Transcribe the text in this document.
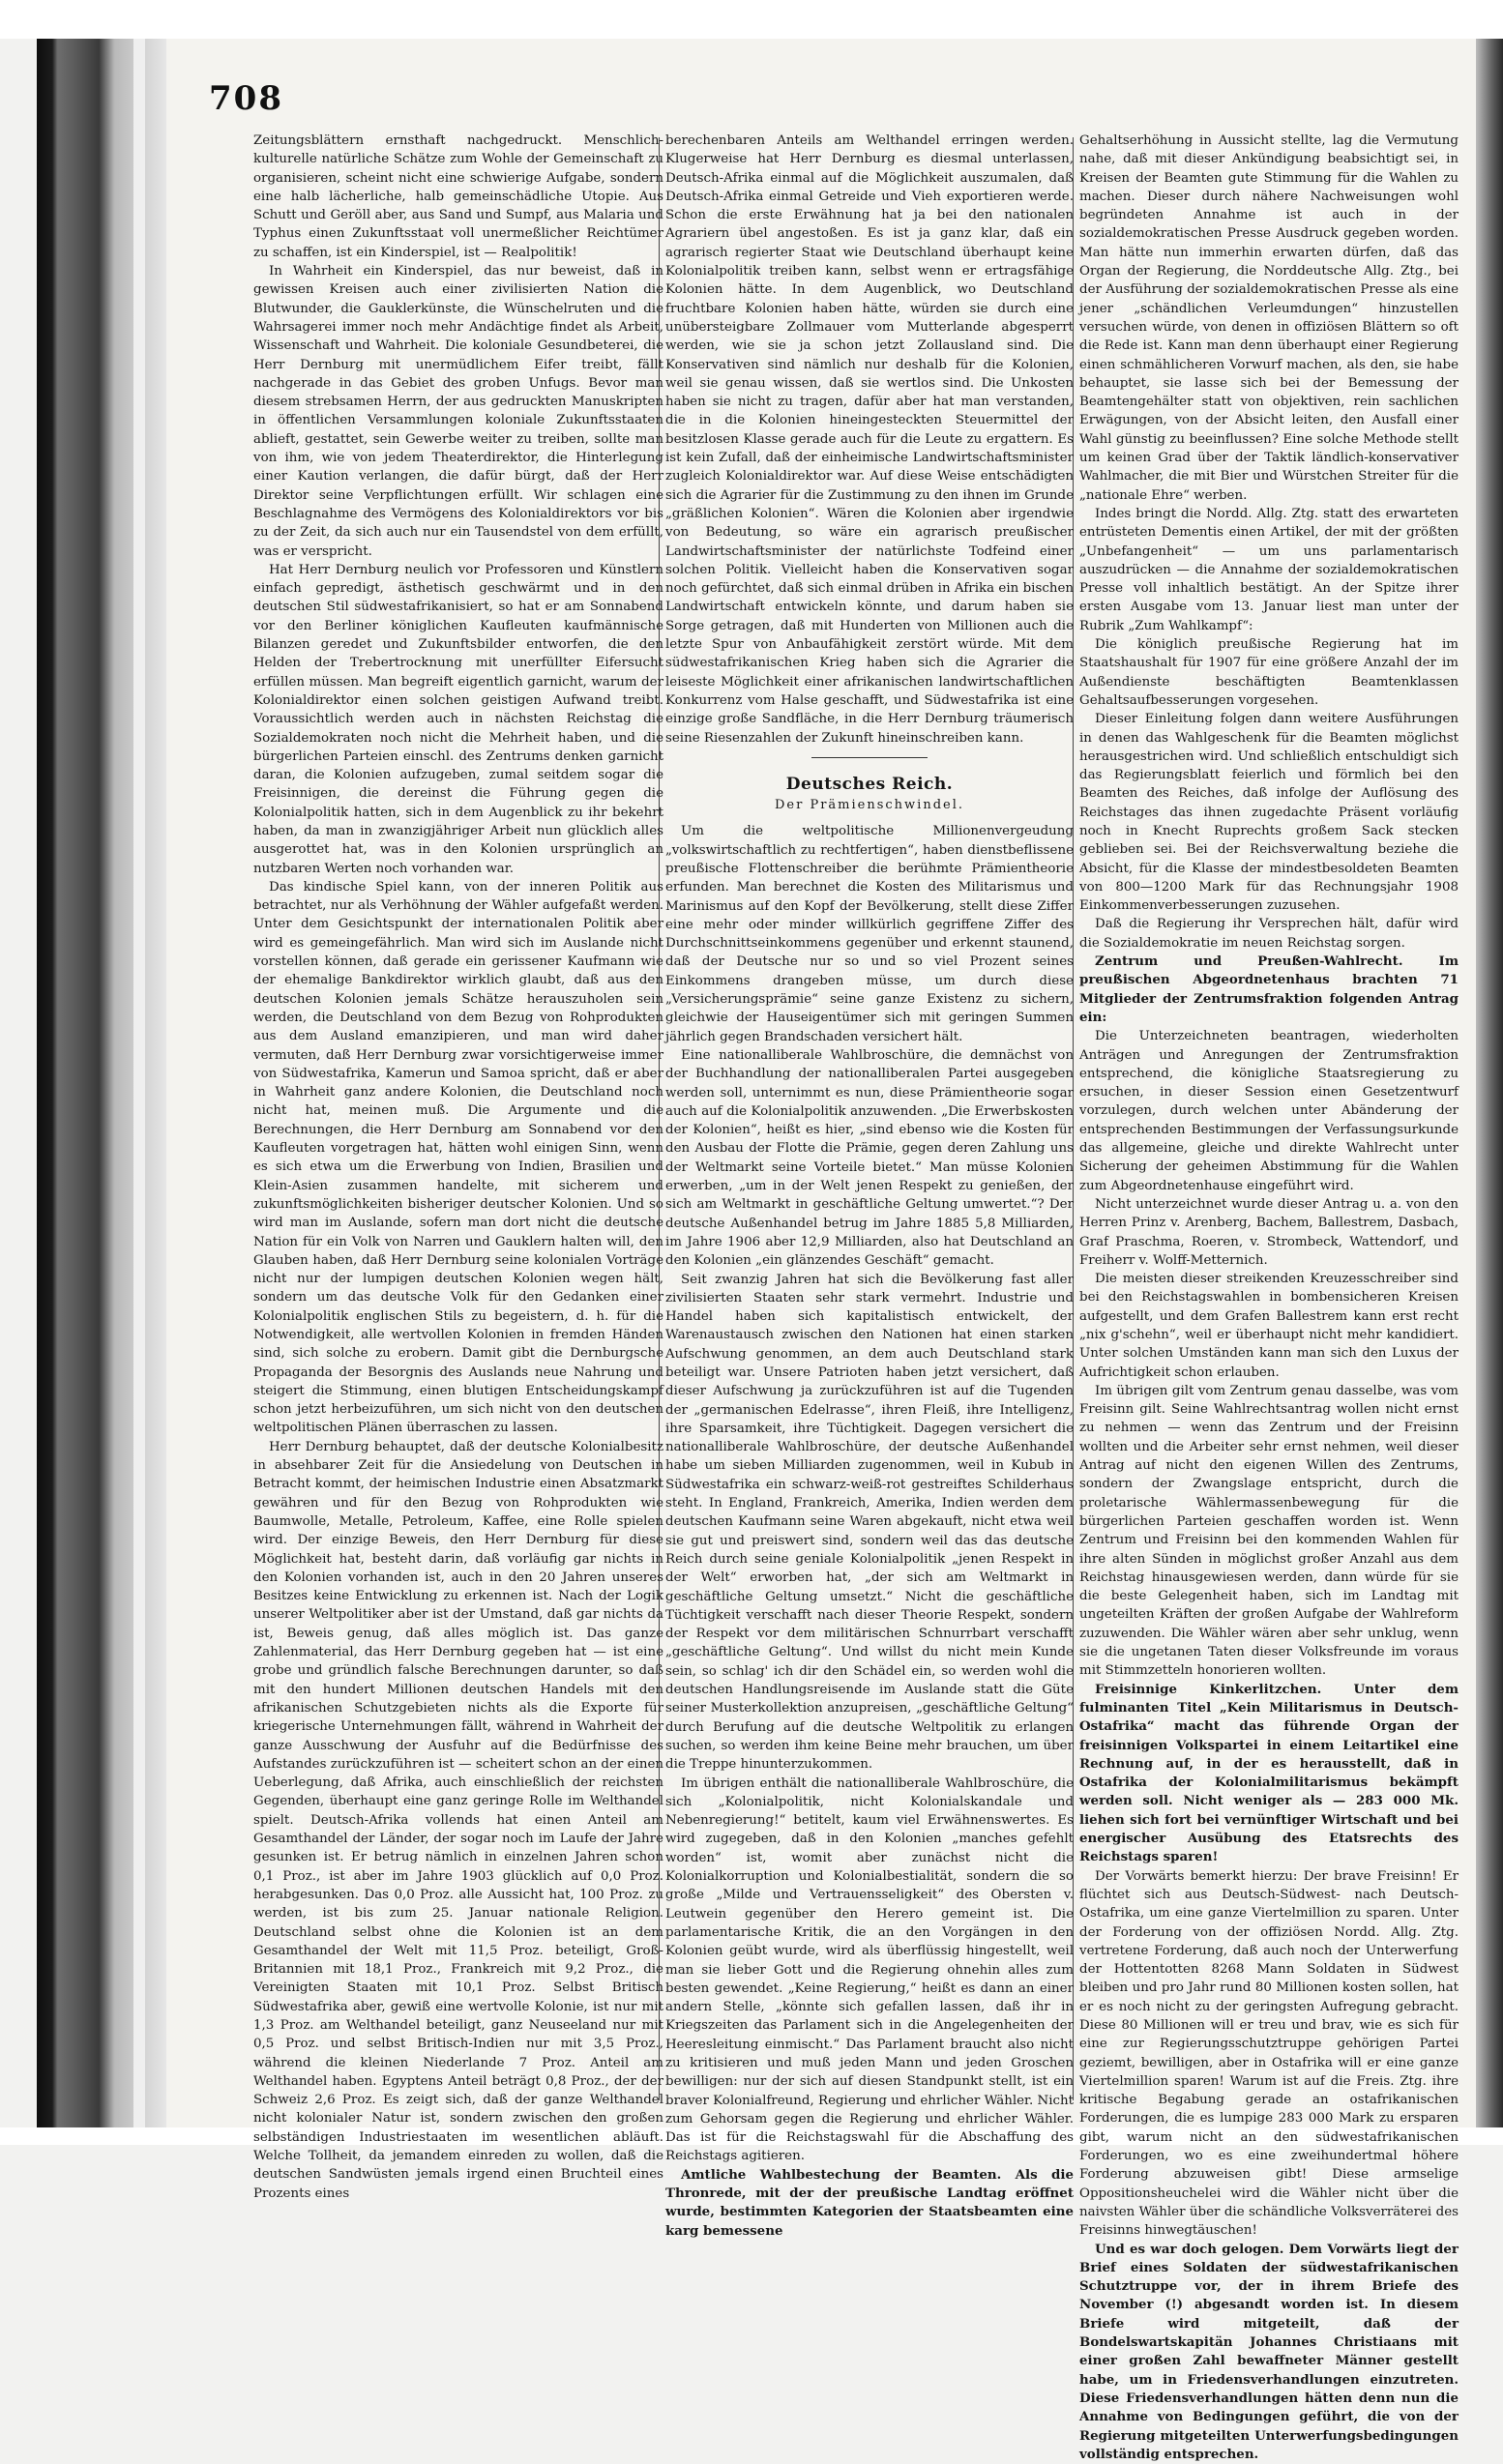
708

Zeitungsblättern ernsthaft nachgedruckt. Menschlich-kulturelle natürliche Schätze zum Wohle der Gemeinschaft zu organisieren, scheint nicht eine schwierige Aufgabe, sondern eine halb lächerliche, halb gemeinschädliche Utopie. Aus Schutt und Geröll aber, aus Sand und Sumpf, aus Malaria und Typhus einen Zukunftsstaat voll unermeßlicher Reichtümer zu schaffen, ist ein Kinderspiel, ist — Realpolitik!

In Wahrheit ein Kinderspiel, das nur beweist, daß in gewissen Kreisen auch einer zivilisierten Nation die Blutwunder, die Gauklerkünste, die Wünschelruten und die Wahrsagerei immer noch mehr Andächtige findet als Arbeit, Wissenschaft und Wahrheit. Die koloniale Gesundbeterei, die Herr Dernburg mit unermüdlichem Eifer treibt, fällt nachgerade in das Gebiet des groben Unfugs. Bevor man diesem strebsamen Herrn, der aus gedruckten Manuskripten in öffentlichen Versammlungen koloniale Zukunftsstaaten ablieft, gestattet, sein Gewerbe weiter zu treiben, sollte man von ihm, wie von jedem Theaterdirektor, die Hinterlegung einer Kaution verlangen, die dafür bürgt, daß der Herr Direktor seine Verpflichtungen erfüllt. Wir schlagen eine Beschlagnahme des Vermögens des Kolonialdirektors vor bis zu der Zeit, da sich auch nur ein Tausendstel von dem erfüllt, was er verspricht.

Hat Herr Dernburg neulich vor Professoren und Künstlern einfach gepredigt, ästhetisch geschwärmt und in den deutschen Stil südwestafrikanisiert, so hat er am Sonnabend vor den Berliner königlichen Kaufleuten kaufmännische Bilanzen geredet und Zukunftsbilder entworfen, die den Helden der Trebertrocknung mit unerfüllter Eifersucht erfüllen müssen. Man begreift eigentlich garnicht, warum der Kolonialdirektor einen solchen geistigen Aufwand treibt. Voraussichtlich werden auch in nächsten Reichstag die Sozialdemokraten noch nicht die Mehrheit haben, und die bürgerlichen Parteien einschl. des Zentrums denken garnicht daran, die Kolonien aufzugeben, zumal seitdem sogar die Freisinnigen, die dereinst die Führung gegen die Kolonialpolitik hatten, sich in dem Augenblick zu ihr bekehrt haben, da man in zwanzigjähriger Arbeit nun glücklich alles ausgerottet hat, was in den Kolonien ursprünglich an nutzbaren Werten noch vorhanden war.

Das kindische Spiel kann, von der inneren Politik aus betrachtet, nur als Verhöhnung der Wähler aufgefaßt werden. Unter dem Gesichtspunkt der internationalen Politik aber wird es gemeingefährlich. Man wird sich im Auslande nicht vorstellen können, daß gerade ein gerissener Kaufmann wie der ehemalige Bankdirektor wirklich glaubt, daß aus den deutschen Kolonien jemals Schätze herauszuholen sein werden, die Deutschland von dem Bezug von Rohprodukten aus dem Ausland emanzipieren, und man wird daher vermuten, daß Herr Dernburg zwar vorsichtigerweise immer von Südwestafrika, Kamerun und Samoa spricht, daß er aber in Wahrheit ganz andere Kolonien, die Deutschland noch nicht hat, meinen muß. Die Argumente und die Berechnungen, die Herr Dernburg am Sonnabend vor den Kaufleuten vorgetragen hat, hätten wohl einigen Sinn, wenn es sich etwa um die Erwerbung von Indien, Brasilien und Klein-Asien zusammen handelte, mit sicherem und zukunftsmöglichkeiten bisheriger deutscher Kolonien. Und so wird man im Auslande, sofern man dort nicht die deutsche Nation für ein Volk von Narren und Gauklern halten will, den Glauben haben, daß Herr Dernburg seine kolonialen Vorträge nicht nur der lumpigen deutschen Kolonien wegen hält, sondern um das deutsche Volk für den Gedanken einer Kolonialpolitik englischen Stils zu begeistern, d. h. für die Notwendigkeit, alle wertvollen Kolonien in fremden Händen sind, sich solche zu erobern. Damit gibt die Dernburgsche Propaganda der Besorgnis des Auslands neue Nahrung und steigert die Stimmung, einen blutigen Entscheidungskampf schon jetzt herbeizuführen, um sich nicht von den deutschen weltpolitischen Plänen überraschen zu lassen.

Herr Dernburg behauptet, daß der deutsche Kolonialbesitz in absehbarer Zeit für die Ansiedelung von Deutschen in Betracht kommt, der heimischen Industrie einen Absatzmarkt gewähren und für den Bezug von Rohprodukten wie Baumwolle, Metalle, Petroleum, Kaffee, eine Rolle spielen wird. Der einzige Beweis, den Herr Dernburg für diese Möglichkeit hat, besteht darin, daß vorläufig gar nichts in den Kolonien vorhanden ist, auch in den 20 Jahren unseres Besitzes keine Entwicklung zu erkennen ist. Nach der Logik unserer Weltpolitiker aber ist der Umstand, daß gar nichts da ist, Beweis genug, daß alles möglich ist. Das ganze Zahlenmaterial, das Herr Dernburg gegeben hat — ist eine grobe und gründlich falsche Berechnungen darunter, so daß mit den hundert Millionen deutschen Handels mit den afrikanischen Schutzgebieten nichts als die Exporte für kriegerische Unternehmungen fällt, während in Wahrheit der ganze Ausschwung der Ausfuhr auf die Bedürfnisse des Aufstandes zurückzuführen ist — scheitert schon an der einen Ueberlegung, daß Afrika, auch einschließlich der reichsten Gegenden, überhaupt eine ganz geringe Rolle im Welthandel spielt. Deutsch-Afrika vollends hat einen Anteil am Gesamthandel der Länder, der sogar noch im Laufe der Jahre gesunken ist. Er betrug nämlich in einzelnen Jahren schon 0,1 Proz., ist aber im Jahre 1903 glücklich auf 0,0 Proz. herabgesunken. Das 0,0 Proz. alle Aussicht hat, 100 Proz. zu werden, ist bis zum 25. Januar nationale Religion. Deutschland selbst ohne die Kolonien ist an dem Gesamthandel der Welt mit 11,5 Proz. beteiligt, Groß-Britannien mit 18,1 Proz., Frankreich mit 9,2 Proz., die Vereinigten Staaten mit 10,1 Proz. Selbst Britisch Südwestafrika aber, gewiß eine wertvolle Kolonie, ist nur mit 1,3 Proz. am Welthandel beteiligt, ganz Neuseeland nur mit 0,5 Proz. und selbst Britisch-Indien nur mit 3,5 Proz., während die kleinen Niederlande 7 Proz. Anteil am Welthandel haben. Egyptens Anteil beträgt 0,8 Proz., der der Schweiz 2,6 Proz. Es zeigt sich, daß der ganze Welthandel nicht kolonialer Natur ist, sondern zwischen den großen selbständigen Industriestaaten im wesentlichen abläuft. Welche Tollheit, da jemandem einreden zu wollen, daß die deutschen Sandwüsten jemals irgend einen Bruchteil eines Prozents eines

berechenbaren Anteils am Welthandel erringen werden. Klugerweise hat Herr Dernburg es diesmal unterlassen, Deutsch-Afrika einmal auf die Möglichkeit auszumalen, daß Deutsch-Afrika einmal Getreide und Vieh exportieren werde. Schon die erste Erwähnung hat ja bei den nationalen Agrariern übel angestoßen. Es ist ja ganz klar, daß ein agrarisch regierter Staat wie Deutschland überhaupt keine Kolonialpolitik treiben kann, selbst wenn er ertragsfähige Kolonien hätte. In dem Augenblick, wo Deutschland fruchtbare Kolonien haben hätte, würden sie durch eine unübersteigbare Zollmauer vom Mutterlande abgesperrt werden, wie sie ja schon jetzt Zollausland sind. Die Konservativen sind nämlich nur deshalb für die Kolonien, weil sie genau wissen, daß sie wertlos sind. Die Unkosten haben sie nicht zu tragen, dafür aber hat man verstanden, die in die Kolonien hineingesteckten Steuermittel der besitzlosen Klasse gerade auch für die Leute zu ergattern. Es ist kein Zufall, daß der einheimische Landwirtschaftsminister zugleich Kolonialdirektor war. Auf diese Weise entschädigten sich die Agrarier für die Zustimmung zu den ihnen im Grunde „gräßlichen Kolonien“. Wären die Kolonien aber irgendwie von Bedeutung, so wäre ein agrarisch preußischer Landwirtschaftsminister der natürlichste Todfeind einer solchen Politik. Vielleicht haben die Konservativen sogar noch gefürchtet, daß sich einmal drüben in Afrika ein bischen Landwirtschaft entwickeln könnte, und darum haben sie Sorge getragen, daß mit Hunderten von Millionen auch die letzte Spur von Anbaufähigkeit zerstört würde. Mit dem südwestafrikanischen Krieg haben sich die Agrarier die leiseste Möglichkeit einer afrikanischen landwirtschaftlichen Konkurrenz vom Halse geschafft, und Südwestafrika ist eine einzige große Sandfläche, in die Herr Dernburg träumerisch seine Riesenzahlen der Zukunft hineinschreiben kann.

Deutsches Reich.
Der Prämienschwindel.

Um die weltpolitische Millionenvergeudung „volkswirtschaftlich zu rechtfertigen“, haben dienstbeflissene preußische Flottenschreiber die berühmte Prämientheorie erfunden. Man berechnet die Kosten des Militarismus und Marinismus auf den Kopf der Bevölkerung, stellt diese Ziffer eine mehr oder minder willkürlich gegriffene Ziffer des Durchschnittseinkommens gegenüber und erkennt staunend, daß der Deutsche nur so und so viel Prozent seines Einkommens drangeben müsse, um durch diese „Versicherungsprämie“ seine ganze Existenz zu sichern, gleichwie der Hauseigentümer sich mit geringen Summen jährlich gegen Brandschaden versichert hält.

Eine nationalliberale Wahlbroschüre, die demnächst von der Buchhandlung der nationalliberalen Partei ausgegeben werden soll, unternimmt es nun, diese Prämientheorie sogar auch auf die Kolonialpolitik anzuwenden. „Die Erwerbskosten der Kolonien“, heißt es hier, „sind ebenso wie die Kosten für den Ausbau der Flotte die Prämie, gegen deren Zahlung uns der Weltmarkt seine Vorteile bietet.“ Man müsse Kolonien erwerben, „um in der Welt jenen Respekt zu genießen, der sich am Weltmarkt in geschäftliche Geltung umwertet.“? Der deutsche Außenhandel betrug im Jahre 1885 5,8 Milliarden, im Jahre 1906 aber 12,9 Milliarden, also hat Deutschland an den Kolonien „ein glänzendes Geschäft“ gemacht.

Seit zwanzig Jahren hat sich die Bevölkerung fast aller zivilisierten Staaten sehr stark vermehrt. Industrie und Handel haben sich kapitalistisch entwickelt, der Warenaustausch zwischen den Nationen hat einen starken Aufschwung genommen, an dem auch Deutschland stark beteiligt war. Unsere Patrioten haben jetzt versichert, daß dieser Aufschwung ja zurückzuführen ist auf die Tugenden der „germanischen Edelrasse“, ihren Fleiß, ihre Intelligenz, ihre Sparsamkeit, ihre Tüchtigkeit. Dagegen versichert die nationalliberale Wahlbroschüre, der deutsche Außenhandel habe um sieben Milliarden zugenommen, weil in Kubub in Südwestafrika ein schwarz-weiß-rot gestreiftes Schilderhaus steht. In England, Frankreich, Amerika, Indien werden dem deutschen Kaufmann seine Waren abgekauft, nicht etwa weil sie gut und preiswert sind, sondern weil das das deutsche Reich durch seine geniale Kolonialpolitik „jenen Respekt in der Welt“ erworben hat, „der sich am Weltmarkt in geschäftliche Geltung umsetzt.“ Nicht die geschäftliche Tüchtigkeit verschafft nach dieser Theorie Respekt, sondern der Respekt vor dem militärischen Schnurrbart verschafft „geschäftliche Geltung“. Und willst du nicht mein Kunde sein, so schlag' ich dir den Schädel ein, so werden wohl die deutschen Handlungsreisende im Auslande statt die Güte seiner Musterkollektion anzupreisen, „geschäftliche Geltung“ durch Berufung auf die deutsche Weltpolitik zu erlangen suchen, so werden ihm keine Beine mehr brauchen, um über die Treppe hinunterzukommen.

Im übrigen enthält die nationalliberale Wahlbroschüre, die sich „Kolonialpolitik, nicht Kolonialskandale und Nebenregierung!“ betitelt, kaum viel Erwähnenswertes. Es wird zugegeben, daß in den Kolonien „manches gefehlt worden“ ist, womit aber zunächst nicht die Kolonialkorruption und Kolonialbestialität, sondern die so große „Milde und Vertrauensseligkeit“ des Obersten v. Leutwein gegenüber den Herero gemeint ist. Die parlamentarische Kritik, die an den Vorgängen in den Kolonien geübt wurde, wird als überflüssig hingestellt, weil man sie lieber Gott und die Regierung ohnehin alles zum besten gewendet. „Keine Regierung,“ heißt es dann an einer andern Stelle, „könnte sich gefallen lassen, daß ihr in Kriegszeiten das Parlament sich in die Angelegenheiten der Heeresleitung einmischt.“ Das Parlament braucht also nicht zu kritisieren und muß jeden Mann und jeden Groschen bewilligen: nur der sich auf diesen Standpunkt stellt, ist ein braver Kolonialfreund, Regierung und ehrlicher Wähler. Nicht zum Gehorsam gegen die Regierung und ehrlicher Wähler. Das ist für die Reichstagswahl für die Abschaffung des Reichstags agitieren.

Amtliche Wahlbestechung der Beamten. Als die Thronrede, mit der der preußische Landtag eröffnet wurde, bestimmten Kategorien der Staatsbeamten eine karg bemessene

Gehaltserhöhung in Aussicht stellte, lag die Vermutung nahe, daß mit dieser Ankündigung beabsichtigt sei, in Kreisen der Beamten gute Stimmung für die Wahlen zu machen. Dieser durch nähere Nachweisungen wohl begründeten Annahme ist auch in der sozialdemokratischen Presse Ausdruck gegeben worden. Man hätte nun immerhin erwarten dürfen, daß das Organ der Regierung, die Norddeutsche Allg. Ztg., bei der Ausführung der sozialdemokratischen Presse als eine jener „schändlichen Verleumdungen“ hinzustellen versuchen würde, von denen in offiziösen Blättern so oft die Rede ist. Kann man denn überhaupt einer Regierung einen schmählicheren Vorwurf machen, als den, sie habe behauptet, sie lasse sich bei der Bemessung der Beamtengehälter statt von objektiven, rein sachlichen Erwägungen, von der Absicht leiten, den Ausfall einer Wahl günstig zu beeinflussen? Eine solche Methode stellt um keinen Grad über der Taktik ländlich-konservativer Wahlmacher, die mit Bier und Würstchen Streiter für die „nationale Ehre“ werben.

Indes bringt die Nordd. Allg. Ztg. statt des erwarteten entrüsteten Dementis einen Artikel, der mit der größten „Unbefangenheit“ — um uns parlamentarisch auszudrücken — die Annahme der sozialdemokratischen Presse voll inhaltlich bestätigt. An der Spitze ihrer ersten Ausgabe vom 13. Januar liest man unter der Rubrik „Zum Wahlkampf“:

Die königlich preußische Regierung hat im Staatshaushalt für 1907 für eine größere Anzahl der im Außendienste beschäftigten Beamtenklassen Gehaltsaufbesserungen vorgesehen.

Dieser Einleitung folgen dann weitere Ausführungen in denen das Wahlgeschenk für die Beamten möglichst herausgestrichen wird. Und schließlich entschuldigt sich das Regierungsblatt feierlich und förmlich bei den Beamten des Reiches, daß infolge der Auflösung des Reichstages das ihnen zugedachte Präsent vorläufig noch in Knecht Ruprechts großem Sack stecken geblieben sei. Bei der Reichsverwaltung beziehe die Absicht, für die Klasse der mindestbesoldeten Beamten von 800—1200 Mark für das Rechnungsjahr 1908 Einkommenverbesserungen zuzusehen.

Daß die Regierung ihr Versprechen hält, dafür wird die Sozialdemokratie im neuen Reichstag sorgen.

Zentrum und Preußen-Wahlrecht. Im preußischen Abgeordnetenhaus brachten 71 Mitglieder der Zentrumsfraktion folgenden Antrag ein:

Die Unterzeichneten beantragen, wiederholten Anträgen und Anregungen der Zentrumsfraktion entsprechend, die königliche Staatsregierung zu ersuchen, in dieser Session einen Gesetzentwurf vorzulegen, durch welchen unter Abänderung der entsprechenden Bestimmungen der Verfassungsurkunde das allgemeine, gleiche und direkte Wahlrecht unter Sicherung der geheimen Abstimmung für die Wahlen zum Abgeordnetenhause eingeführt wird.

Nicht unterzeichnet wurde dieser Antrag u. a. von den Herren Prinz v. Arenberg, Bachem, Ballestrem, Dasbach, Graf Praschma, Roeren, v. Strombeck, Wattendorf, und Freiherr v. Wolff-Metternich.

Die meisten dieser streikenden Kreuzesschreiber sind bei den Reichstagswahlen in bombensicheren Kreisen aufgestellt, und dem Grafen Ballestrem kann erst recht „nix g'schehn“, weil er überhaupt nicht mehr kandidiert. Unter solchen Umständen kann man sich den Luxus der Aufrichtigkeit schon erlauben.

Im übrigen gilt vom Zentrum genau dasselbe, was vom Freisinn gilt. Seine Wahlrechtsantrag wollen nicht ernst zu nehmen — wenn das Zentrum und der Freisinn wollten und die Arbeiter sehr ernst nehmen, weil dieser Antrag auf nicht den eigenen Willen des Zentrums, sondern der Zwangslage entspricht, durch die proletarische Wählermassenbewegung für die bürgerlichen Parteien geschaffen worden ist. Wenn Zentrum und Freisinn bei den kommenden Wahlen für ihre alten Sünden in möglichst großer Anzahl aus dem Reichstag hinausgewiesen werden, dann würde für sie die beste Gelegenheit haben, sich im Landtag mit ungeteilten Kräften der großen Aufgabe der Wahlreform zuzuwenden. Die Wähler wären aber sehr unklug, wenn sie die ungetanen Taten dieser Volksfreunde im voraus mit Stimmzetteln honorieren wollten.

Freisinnige Kinkerlitzchen. Unter dem fulminanten Titel „Kein Militarismus in Deutsch-Ostafrika“ macht das führende Organ der freisinnigen Volkspartei in einem Leitartikel eine Rechnung auf, in der es herausstellt, daß in Ostafrika der Kolonialmilitarismus bekämpft werden soll. Nicht weniger als — 283 000 Mk. liehen sich fort bei vernünftiger Wirtschaft und bei energischer Ausübung des Etatsrechts des Reichstags sparen!

Der Vorwärts bemerkt hierzu: Der brave Freisinn! Er flüchtet sich aus Deutsch-Südwest- nach Deutsch-Ostafrika, um eine ganze Viertelmillion zu sparen. Unter der Forderung von der offiziösen Nordd. Allg. Ztg. vertretene Forderung, daß auch noch der Unterwerfung der Hottentotten 8268 Mann Soldaten in Südwest bleiben und pro Jahr rund 80 Millionen kosten sollen, hat er es noch nicht zu der geringsten Aufregung gebracht. Diese 80 Millionen will er treu und brav, wie es sich für eine zur Regierungsschutztruppe gehörigen Partei geziemt, bewilligen, aber in Ostafrika will er eine ganze Viertelmillion sparen! Warum ist auf die Freis. Ztg. ihre kritische Begabung gerade an ostafrikanischen Forderungen, die es lumpige 283 000 Mark zu ersparen gibt, warum nicht an den südwestafrikanischen Forderungen, wo es eine zweihundertmal höhere Forderung abzuweisen gibt! Diese armselige Oppositionsheuchelei wird die Wähler nicht über die naivsten Wähler über die schändliche Volksverräterei des Freisinns hinwegtäuschen!

Und es war doch gelogen. Dem Vorwärts liegt der Brief eines Soldaten der südwestafrikanischen Schutztruppe vor, der in ihrem Briefe des November (!) abgesandt worden ist. In diesem Briefe wird mitgeteilt, daß der Bondelswartskapitän Johannes Christiaans mit einer großen Zahl bewaffneter Männer gestellt habe, um in Friedensverhandlungen einzutreten. Diese Friedensverhandlungen hätten denn nun die Annahme von Bedingungen geführt, die von der Regierung mitgeteilten Unterwerfungsbedingungen vollständig entsprechen.
